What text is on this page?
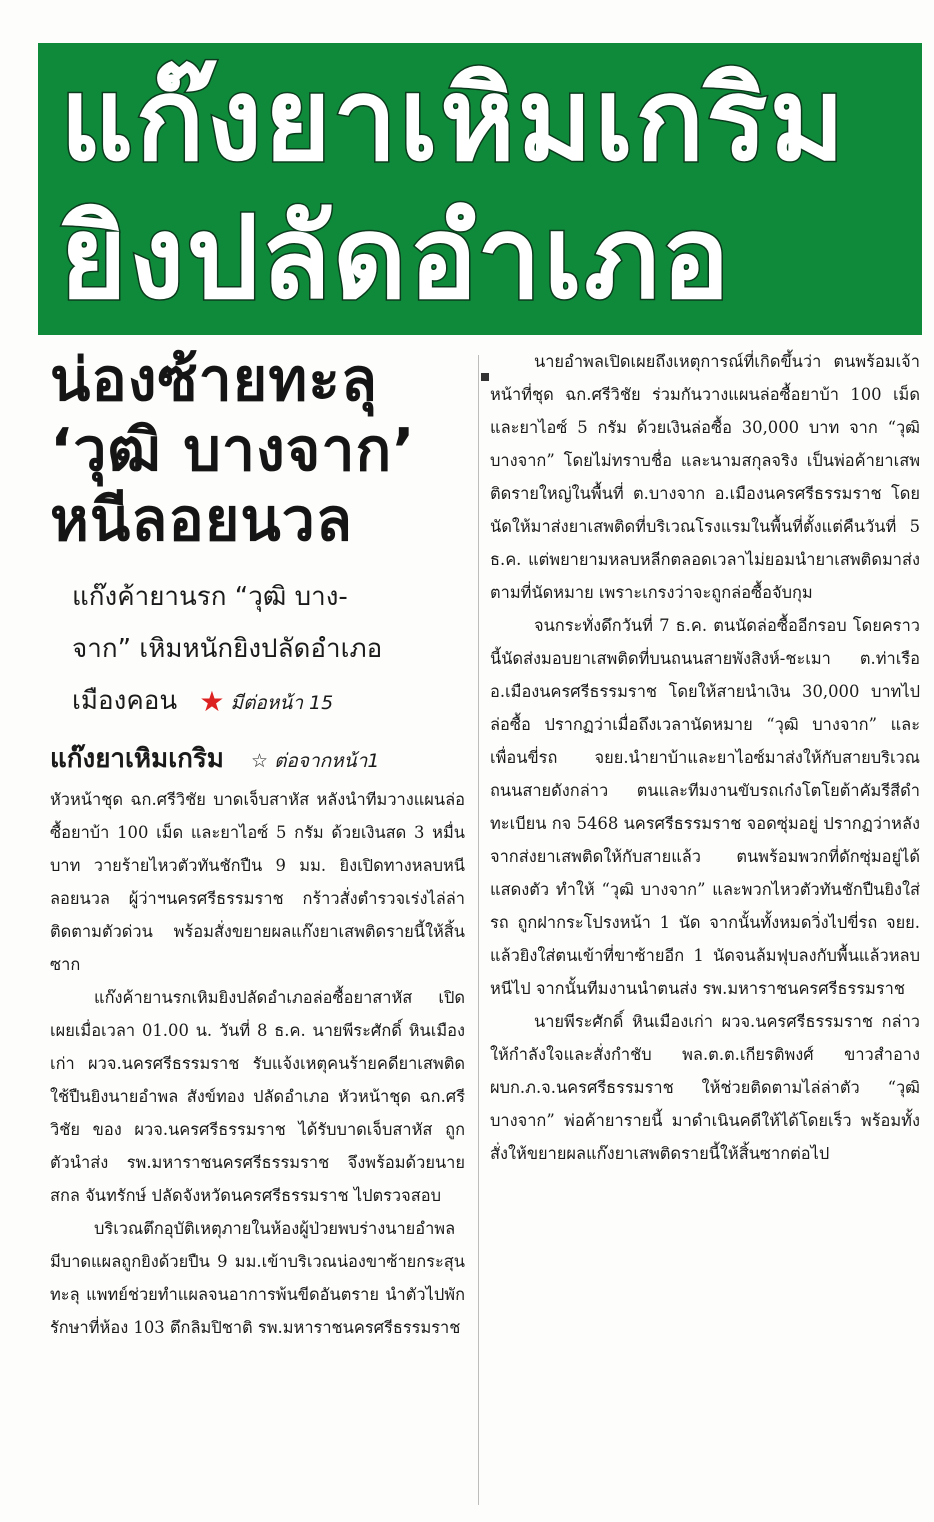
แก๊งยาเหิมเกริม
ยิงปลัดอำเภอ
น่องซ้ายทะลุ
‘วุฒิ บางจาก’
หนีลอยนวล
แก๊งค้ายานรก “วุฒิ บาง-
จาก” เหิมหนักยิงปลัดอำเภอ
เมืองคอน ★ มีต่อหน้า 15
แก๊งยาเหิมเกริม ☆ ต่อจากหน้า1

หัวหน้าชุด ฉก.ศรีวิชัย บาดเจ็บสาหัส หลังนำทีมวางแผนล่อซื้อยาบ้า 100 เม็ด และยาไอซ์ 5 กรัม ด้วยเงินสด 3 หมื่นบาท วายร้ายไหวตัวทันชักปืน 9 มม. ยิงเปิดทางหลบหนีลอยนวล ผู้ว่าฯนครศรีธรรมราช กร้าวสั่งตำรวจเร่งไล่ล่าติดตามตัวด่วน พร้อมสั่งขยายผลแก๊งยาเสพติดรายนี้ให้สิ้นซาก

แก๊งค้ายานรกเหิมยิงปลัดอำเภอล่อซื้อยาสาหัส เปิดเผยเมื่อเวลา 01.00 น. วันที่ 8 ธ.ค. นายพีระศักดิ์ หินเมืองเก่า ผวจ.นครศรีธรรมราช รับแจ้งเหตุคนร้ายคดียาเสพติดใช้ปืนยิงนายอำพล สังข์ทอง ปลัดอำเภอ หัวหน้าชุด ฉก.ศรีวิชัย ของ ผวจ.นครศรีธรรมราช ได้รับบาดเจ็บสาหัส ถูกตัวนำส่ง รพ.มหาราชนครศรีธรรมราช จึงพร้อมด้วยนายสกล จันทรักษ์ ปลัดจังหวัดนครศรีธรรมราช ไปตรวจสอบ

บริเวณตึกอุบัติเหตุภายในห้องผู้ป่วยพบร่างนายอำพลมีบาดแผลถูกยิงด้วยปืน 9 มม.เข้าบริเวณน่องขาซ้ายกระสุนทะลุ แพทย์ช่วยทำแผลจนอาการพ้นขีดอันตราย นำตัวไปพักรักษาที่ห้อง 103 ตึกลิมปิชาติ รพ.มหาราชนครศรีธรรมราช

นายอำพลเปิดเผยถึงเหตุการณ์ที่เกิดขึ้นว่า ตนพร้อมเจ้าหน้าที่ชุด ฉก.ศรีวิชัย ร่วมกันวางแผนล่อซื้อยาบ้า 100 เม็ด และยาไอซ์ 5 กรัม ด้วยเงินล่อซื้อ 30,000 บาท จาก “วุฒิ บางจาก” โดยไม่ทราบชื่อ และนามสกุลจริง เป็นพ่อค้ายาเสพติดรายใหญ่ในพื้นที่ ต.บางจาก อ.เมืองนครศรีธรรมราช โดยนัดให้มาส่งยาเสพติดที่บริเวณโรงแรมในพื้นที่ตั้งแต่คืนวันที่ 5 ธ.ค. แต่พยายามหลบหลีกตลอดเวลาไม่ยอมนำยาเสพติดมาส่งตามที่นัดหมาย เพราะเกรงว่าจะถูกล่อซื้อจับกุม

จนกระทั่งดึกวันที่ 7 ธ.ค. ตนนัดล่อซื้ออีกรอบ โดยคราวนี้นัดส่งมอบยาเสพติดที่บนถนนสายพังสิงห์-ชะเมา ต.ท่าเรือ อ.เมืองนครศรีธรรมราช โดยให้สายนำเงิน 30,000 บาทไปล่อซื้อ ปรากฏว่าเมื่อถึงเวลานัดหมาย “วุฒิ บางจาก” และเพื่อนขี่รถ จยย.นำยาบ้าและยาไอซ์มาส่งให้กับสายบริเวณถนนสายดังกล่าว ตนและทีมงานขับรถเก๋งโตโยต้าคัมรีสีดำ ทะเบียน กจ 5468 นครศรีธรรมราช จอดซุ่มอยู่ ปรากฏว่าหลังจากส่งยาเสพติดให้กับสายแล้ว ตนพร้อมพวกที่ดักซุ่มอยู่ได้แสดงตัว ทำให้ “วุฒิ บางจาก” และพวกไหวตัวทันชักปืนยิงใส่รถ ถูกฝากระโปรงหน้า 1 นัด จากนั้นทั้งหมดวิ่งไปขี่รถ จยย. แล้วยิงใส่ตนเข้าที่ขาซ้ายอีก 1 นัดจนล้มฟุบลงกับพื้นแล้วหลบหนีไป จากนั้นทีมงานนำตนส่ง รพ.มหาราชนครศรีธรรมราช

นายพีระศักดิ์ หินเมืองเก่า ผวจ.นครศรีธรรมราช กล่าวให้กำลังใจและสั่งกำชับ พล.ต.ต.เกียรติพงศ์ ขาวสำอาง ผบก.ภ.จ.นครศรีธรรมราช ให้ช่วยติดตามไล่ล่าตัว “วุฒิ บางจาก” พ่อค้ายารายนี้ มาดำเนินคดีให้ได้โดยเร็ว พร้อมทั้งสั่งให้ขยายผลแก๊งยาเสพติดรายนี้ให้สิ้นซากต่อไป
